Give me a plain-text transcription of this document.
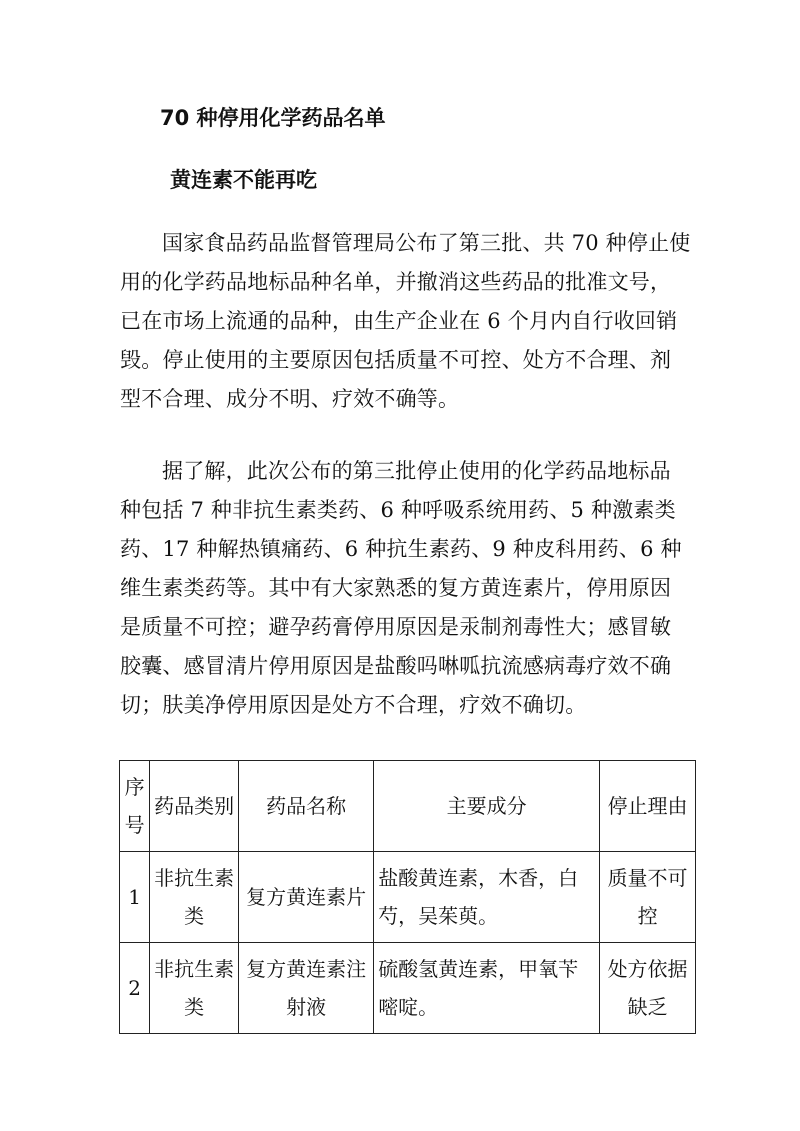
70 种停用化学药品名单
黄连素不能再吃
国家食品药品监督管理局公布了第三批、共 70 种停止使
用的化学药品地标品种名单，并撤消这些药品的批准文号，
已在市场上流通的品种，由生产企业在 6 个月内自行收回销
毁。停止使用的主要原因包括质量不可控、处方不合理、剂
型不合理、成分不明、疗效不确等。
据了解，此次公布的第三批停止使用的化学药品地标品
种包括 7 种非抗生素类药、6 种呼吸系统用药、5 种激素类
药、17 种解热镇痛药、6 种抗生素药、9 种皮科用药、6 种
维生素类药等。其中有大家熟悉的复方黄连素片，停用原因
是质量不可控；避孕药膏停用原因是汞制剂毒性大；感冒敏
胶囊、感冒清片停用原因是盐酸吗啉呱抗流感病毒疗效不确
切；肤美净停用原因是处方不合理，疗效不确切。
序号	药品类别	药品名称	主要成分	停止理由
1	非抗生素类	复方黄连素片	盐酸黄连素，木香，白芍，吴茱萸。	质量不可控
2	非抗生素类	复方黄连素注射液	硫酸氢黄连素，甲氧苄嘧啶。	处方依据缺乏
